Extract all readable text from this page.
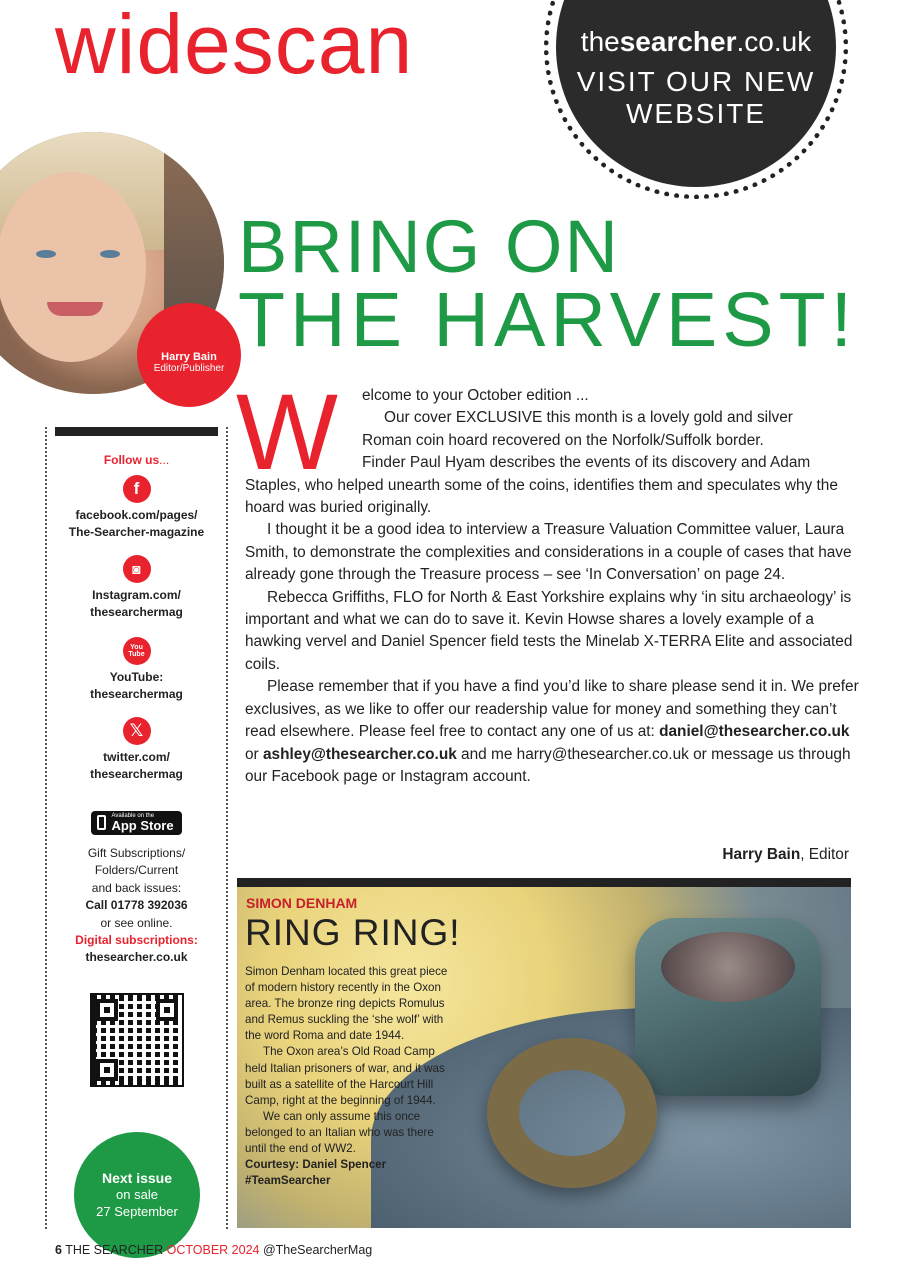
widescan	thesearcher.co.uk
VISIT OUR NEW
WEBSITE
Harry Bain
Editor/Publisher
BRING ON
THE HARVEST!
Follow us...
f
facebook.com/pages/
The-Searcher-magazine
◙
Instagram.com/
thesearchermag
You
Tube
YouTube:
thesearchermag
𝕏
twitter.com/
thesearchermag
Available on the
App Store
Gift Subscriptions/
Folders/Current
and back issues:
Call 01778 392036
or see online.
Digital subscriptions:
thesearcher.co.uk
Next issue
on sale
27 September
W	elcome to your October edition ...

Our cover EXCLUSIVE this month is a lovely gold and silver

Roman coin hoard recovered on the Norfolk/Suffolk border.

Finder Paul Hyam describes the events of its discovery and Adam

Staples, who helped unearth some of the coins, identifies them and speculates why the hoard was buried originally.

I thought it be a good idea to interview a Treasure Valuation Committee valuer, Laura Smith, to demonstrate the complexities and considerations in a couple of cases that have already gone through the Treasure process – see ‘In Conversation’ on page 24.

Rebecca Griffiths, FLO for North & East Yorkshire explains why ‘in situ archaeology’ is important and what we can do to save it. Kevin Howse shares a lovely example of a hawking vervel and Daniel Spencer field tests the Minelab X-TERRA Elite and associated coils.

Please remember that if you have a find you’d like to share please send it in. We prefer exclusives, as we like to offer our readership value for money and something they can’t read elsewhere. Please feel free to contact any one of us at: daniel@thesearcher.co.uk or ashley@thesearcher.co.uk and me harry@thesearcher.co.uk or message us through our Facebook page or Instagram account.

Harry Bain, Editor
SIMON DENHAM
RING RING!

Simon Denham located this great piece of modern history recently in the Oxon area. The bronze ring depicts Romulus and Remus suckling the ‘she wolf’ with the word Roma and date 1944.

The Oxon area’s Old Road Camp held Italian prisoners of war, and it was built as a satellite of the Harcourt Hill Camp, right at the beginning of 1944.

We can only assume this once belonged to an Italian who was there until the end of WW2.

Courtesy: Daniel Spencer

#TeamSearcher

6 THE SEARCHER OCTOBER 2024 @TheSearcherMag
